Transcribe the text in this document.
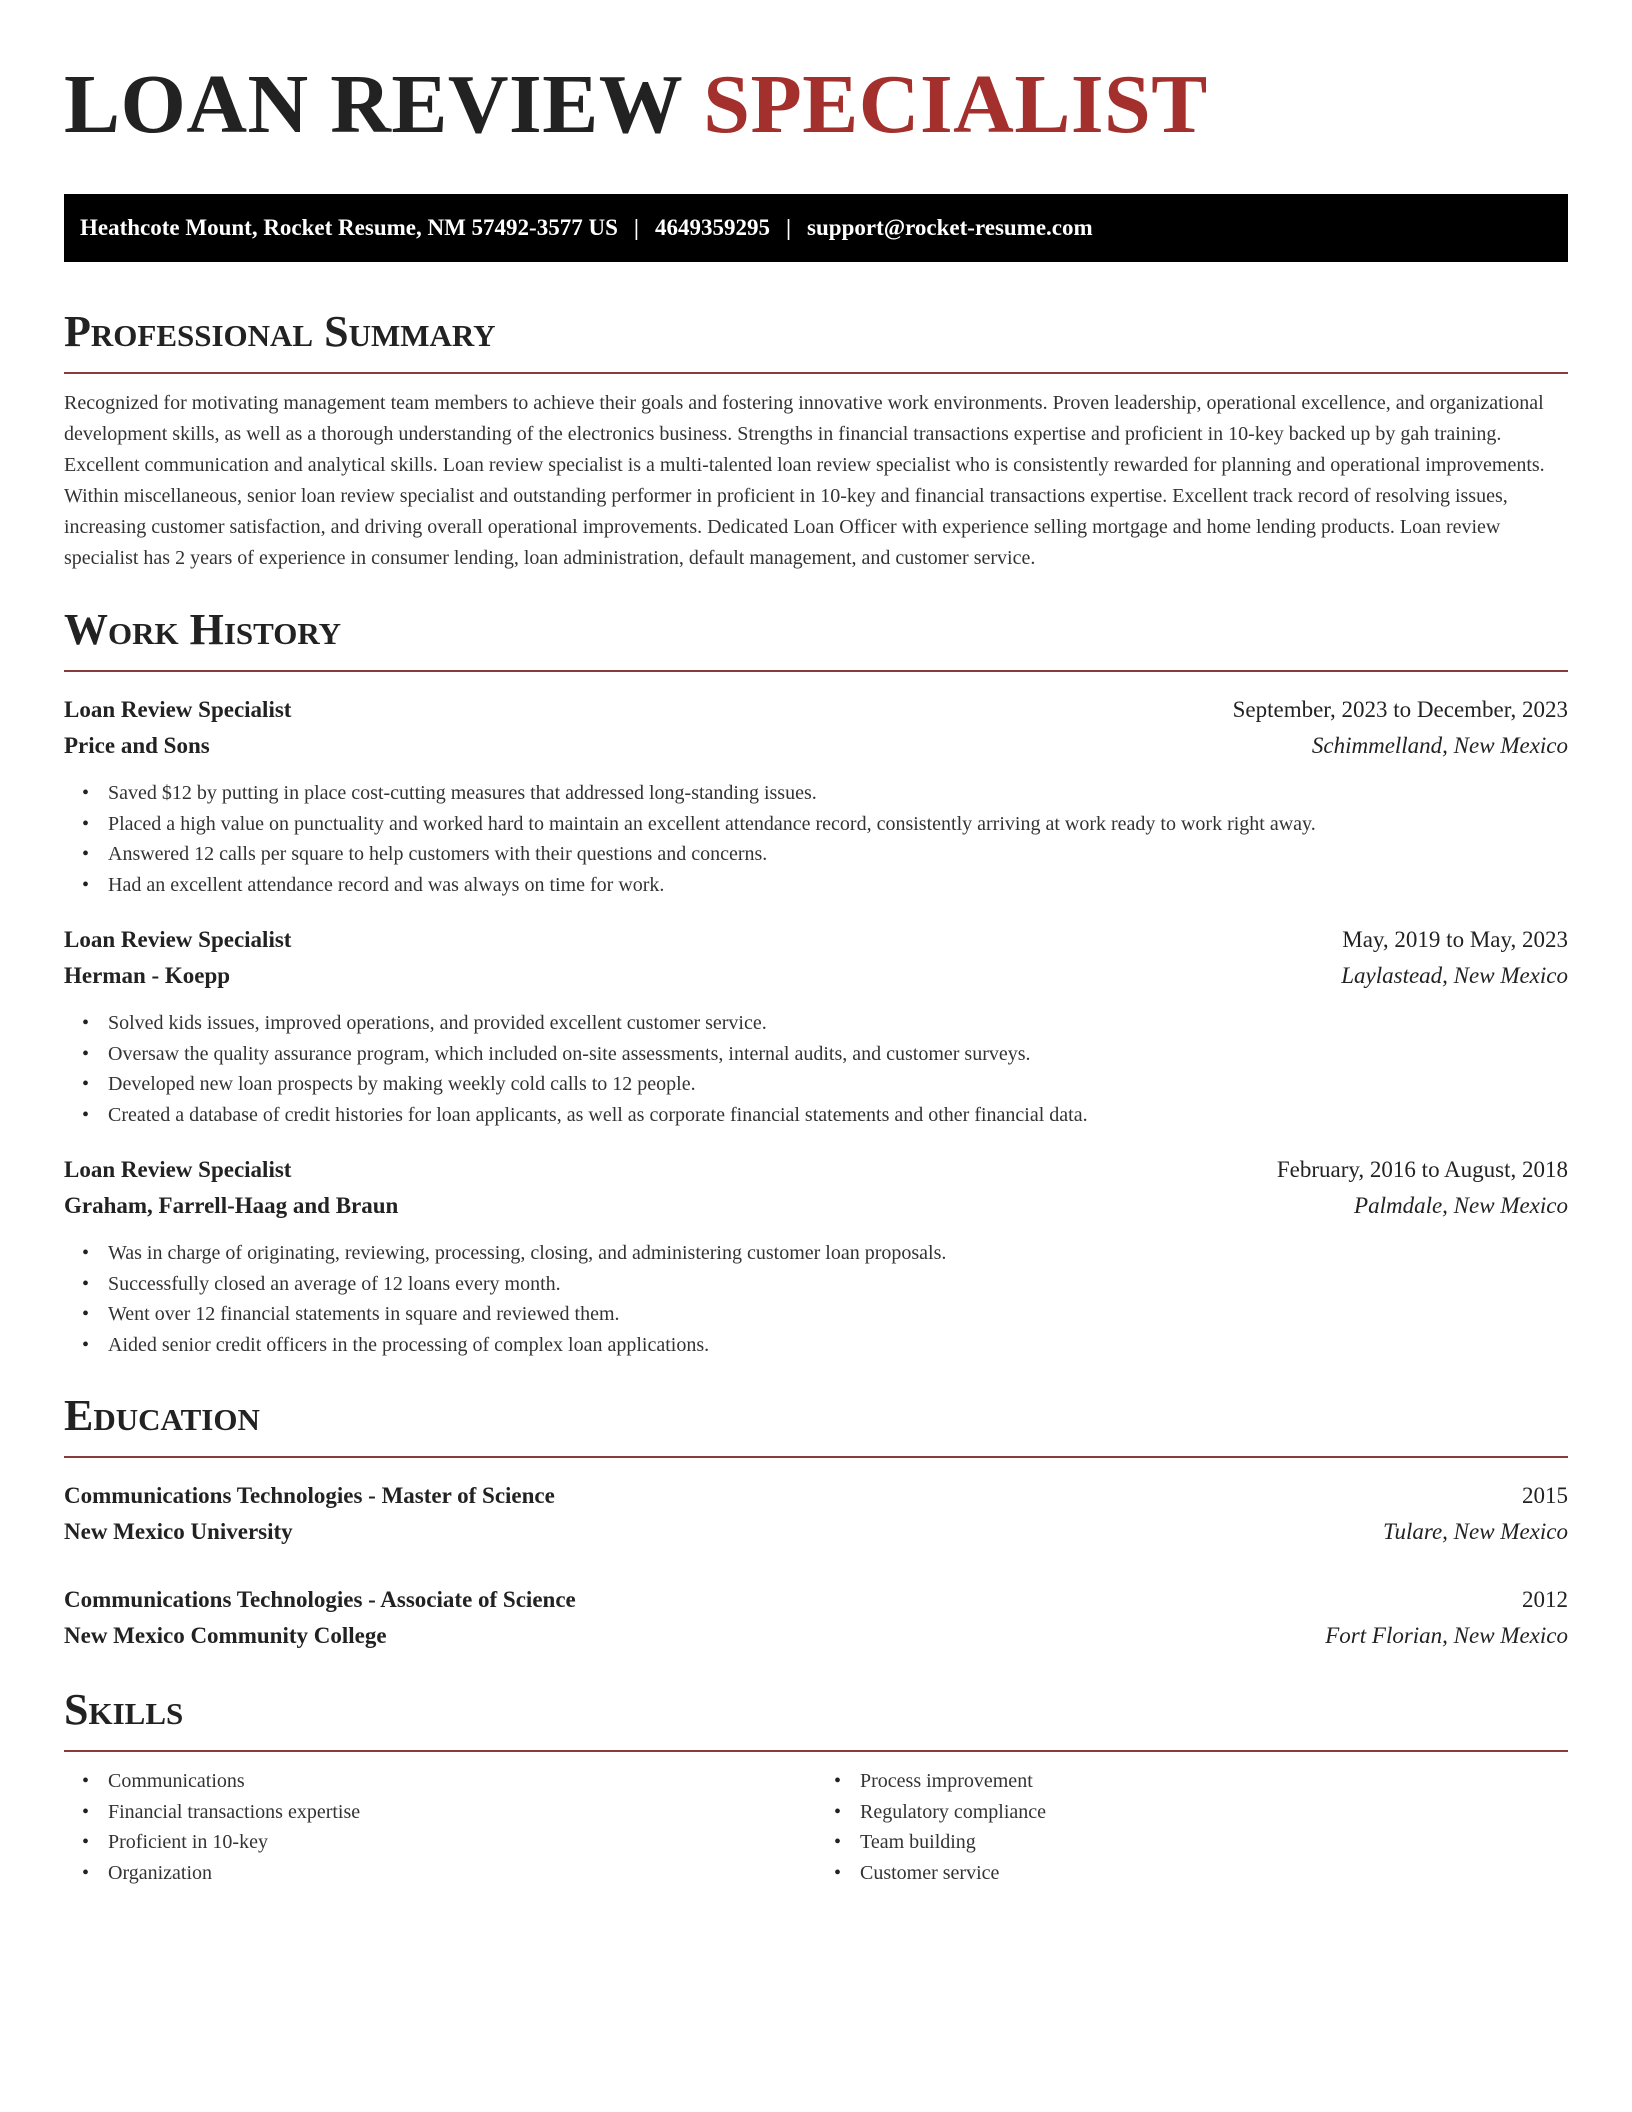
LOAN REVIEW SPECIALIST
Heathcote Mount, Rocket Resume, NM 57492-3577 US | 4649359295 | support@rocket-resume.com
Professional Summary

Recognized for motivating management team members to achieve their goals and fostering innovative work environments. Proven leadership, operational excellence, and organizational development skills, as well as a thorough understanding of the electronics business. Strengths in financial transactions expertise and proficient in 10-key backed up by gah training. Excellent communication and analytical skills. Loan review specialist is a multi-talented loan review specialist who is consistently rewarded for planning and operational improvements. Within miscellaneous, senior loan review specialist and outstanding performer in proficient in 10-key and financial transactions expertise. Excellent track record of resolving issues, increasing customer satisfaction, and driving overall operational improvements. Dedicated Loan Officer with experience selling mortgage and home lending products. Loan review specialist has 2 years of experience in consumer lending, loan administration, default management, and customer service.

Work History
Loan Review Specialist	September, 2023 to December, 2023
Price and Sons	Schimmelland, New Mexico
• Saved $12 by putting in place cost-cutting measures that addressed long-standing issues.
• Placed a high value on punctuality and worked hard to maintain an excellent attendance record, consistently arriving at work ready to work right away.
• Answered 12 calls per square to help customers with their questions and concerns.
• Had an excellent attendance record and was always on time for work.
Loan Review Specialist	May, 2019 to May, 2023
Herman - Koepp	Laylastead, New Mexico
• Solved kids issues, improved operations, and provided excellent customer service.
• Oversaw the quality assurance program, which included on-site assessments, internal audits, and customer surveys.
• Developed new loan prospects by making weekly cold calls to 12 people.
• Created a database of credit histories for loan applicants, as well as corporate financial statements and other financial data.
Loan Review Specialist	February, 2016 to August, 2018
Graham, Farrell-Haag and Braun	Palmdale, New Mexico
• Was in charge of originating, reviewing, processing, closing, and administering customer loan proposals.
• Successfully closed an average of 12 loans every month.
• Went over 12 financial statements in square and reviewed them.
• Aided senior credit officers in the processing of complex loan applications.
Education
Communications Technologies - Master of Science	2015
New Mexico University	Tulare, New Mexico
Communications Technologies - Associate of Science	2012
New Mexico Community College	Fort Florian, New Mexico
Skills
• Communications
• Financial transactions expertise
• Proficient in 10-key
• Organization
• Process improvement
• Regulatory compliance
• Team building
• Customer service
